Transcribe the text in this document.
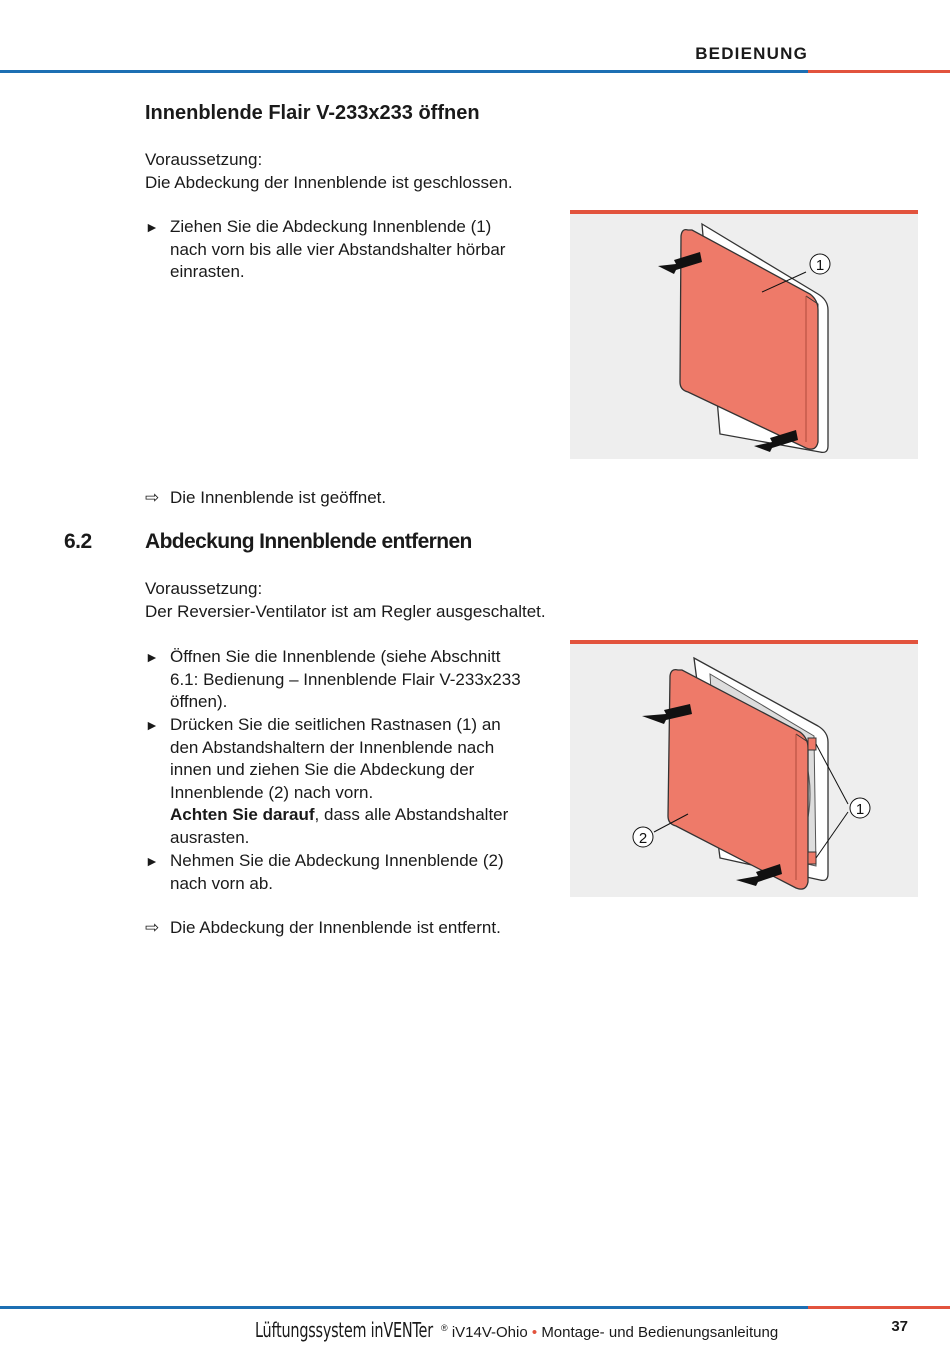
BEDIENUNG
Innenblende Flair V-233x233 öffnen

Voraussetzung:

Die Abdeckung der Innenblende ist geschlossen.

► Ziehen Sie die Abdeckung Innenblende (1)

nach vorn bis alle vier Abstandshalter hörbar

einrasten.	1
⇨ Die Innenblende ist geöffnet.
6.2	Abdeckung Innenblende entfernen

Voraussetzung:

Der Reversier-Ventilator ist am Regler ausgeschaltet.

► Öffnen Sie die Innenblende (siehe Abschnitt

6.1: Bedienung – Innenblende Flair V-233x233

öffnen).

► Drücken Sie die seitlichen Rastnasen (1) an

den Abstandshaltern der Innenblende nach

innen und ziehen Sie die Abdeckung der

Innenblende (2) nach vorn.

Achten Sie darauf, dass alle Abstandshalter

ausrasten.

► Nehmen Sie die Abdeckung Innenblende (2)

nach vorn ab.

1
2
⇨ Die Abdeckung der Innenblende ist entfernt.
Lüftungssystem inVENTer ® iV14V-Ohio • Montage- und Bedienungsanleitung	37
